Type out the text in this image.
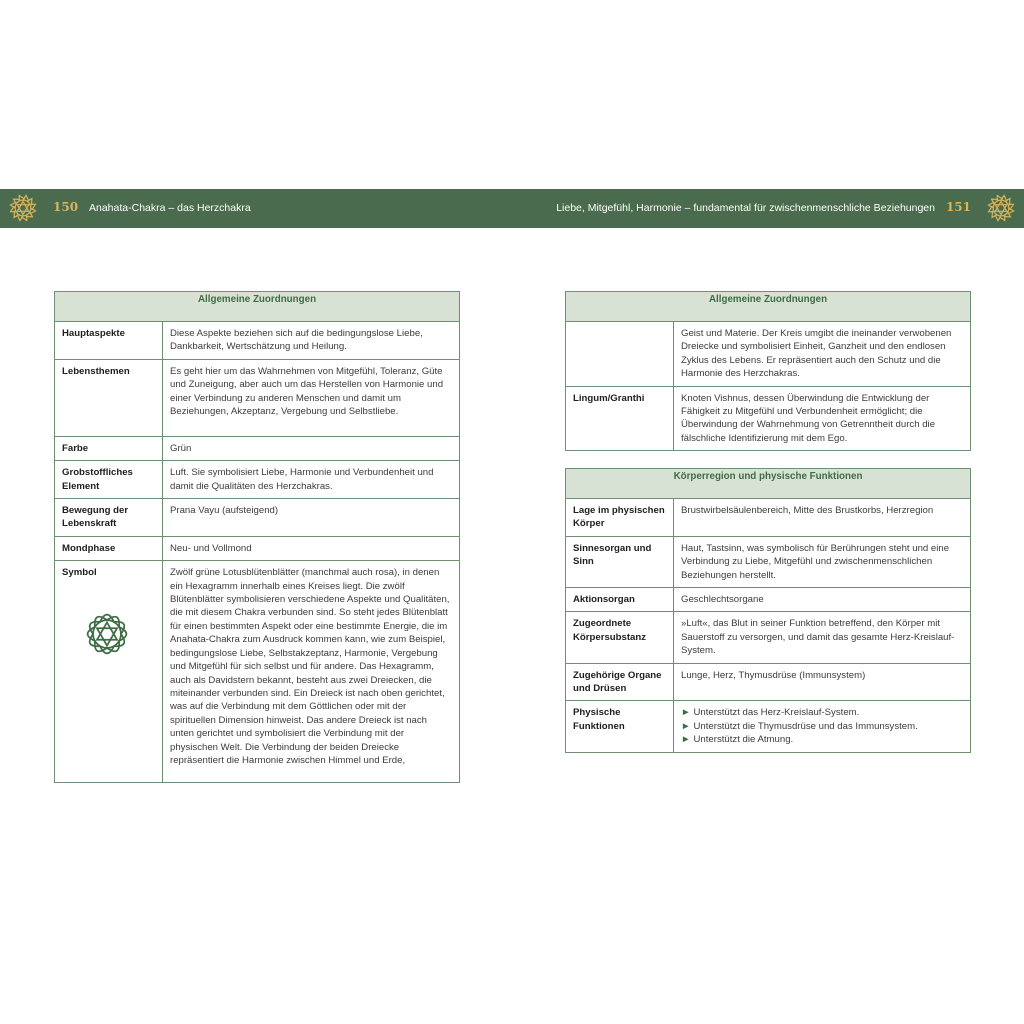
150 Anahata-Chakra – das Herzchakra	Liebe, Mitgefühl, Harmonie – fundamental für zwischenmenschliche Beziehungen 151
Allgemeine Zuordnungen	
Hauptaspekte	Diese Aspekte beziehen sich auf die bedingungslose Liebe, Dankbarkeit, Wertschätzung und Heilung.
Lebensthemen	Es geht hier um das Wahrnehmen von Mitgefühl, Toleranz, Güte und Zuneigung, aber auch um das Herstellen von Harmonie und einer Verbindung zu anderen Menschen und damit um Beziehungen, Akzeptanz, Vergebung und Selbstliebe.
Farbe	Grün
Grobstoffliches Element	Luft. Sie symbolisiert Liebe, Harmonie und Verbundenheit und damit die Qualitäten des Herzchakras.
Bewegung der Lebenskraft	Prana Vayu (aufsteigend)
Mondphase	Neu- und Vollmond

Symbol	Zwölf grüne Lotusblütenblätter (manchmal auch rosa), in denen ein Hexagramm innerhalb eines Kreises liegt. Die zwölf Blütenblätter symbolisieren verschiedene Aspekte und Qualitäten, die mit diesem Chakra verbunden sind. So steht jedes Blütenblatt für einen bestimmten Aspekt oder eine bestimmte Energie, die im Anahata-Chakra zum Ausdruck kommen kann, wie zum Beispiel, bedingungslose Liebe, Selbstakzeptanz, Harmonie, Vergebung und Mitgefühl für sich selbst und für andere. Das Hexagramm, auch als Davidstern bekannt, besteht aus zwei Dreiecken, die miteinander verbunden sind. Ein Dreieck ist nach oben gerichtet, was auf die Verbindung mit dem Göttlichen oder mit der spirituellen Dimension hinweist. Das andere Dreieck ist nach unten gerichtet und symbolisiert die Verbindung mit der physischen Welt. Die Verbindung der beiden Dreiecke repräsentiert die Harmonie zwischen Himmel und Erde,
Allgemeine Zuordnungen	
	Geist und Materie. Der Kreis umgibt die ineinander verwobenen Dreiecke und symbolisiert Einheit, Ganzheit und den endlosen Zyklus des Lebens. Er repräsentiert auch den Schutz und die Harmonie des Herzchakras.
Lingum/Granthi	Knoten Vishnus, dessen Überwindung die Entwicklung der Fähigkeit zu Mitgefühl und Verbundenheit ermöglicht; die Überwindung der Wahrnehmung von Getrenntheit durch die fälschliche Identifizierung mit dem Ego.
Körperregion und physische Funktionen	
Lage im physischen Körper	Brustwirbelsäulenbereich, Mitte des Brustkorbs, Herzregion
Sinnesorgan und Sinn	Haut, Tastsinn, was symbolisch für Berührungen steht und eine Verbindung zu Liebe, Mitgefühl und zwischenmenschlichen Beziehungen herstellt.
Aktionsorgan	Geschlechtsorgane
Zugeordnete Körpersubstanz	»Luft«, das Blut in seiner Funktion betreffend, den Körper mit Sauerstoff zu versorgen, und damit das gesamte Herz-Kreislauf-System.
Zugehörige Organe und Drüsen	Lunge, Herz, Thymusdrüse (Immunsystem)
Physische Funktionen	► Unterstützt das Herz-Kreislauf-System.
► Unterstützt die Thymusdrüse und das Immunsystem.
► Unterstützt die Atmung.
